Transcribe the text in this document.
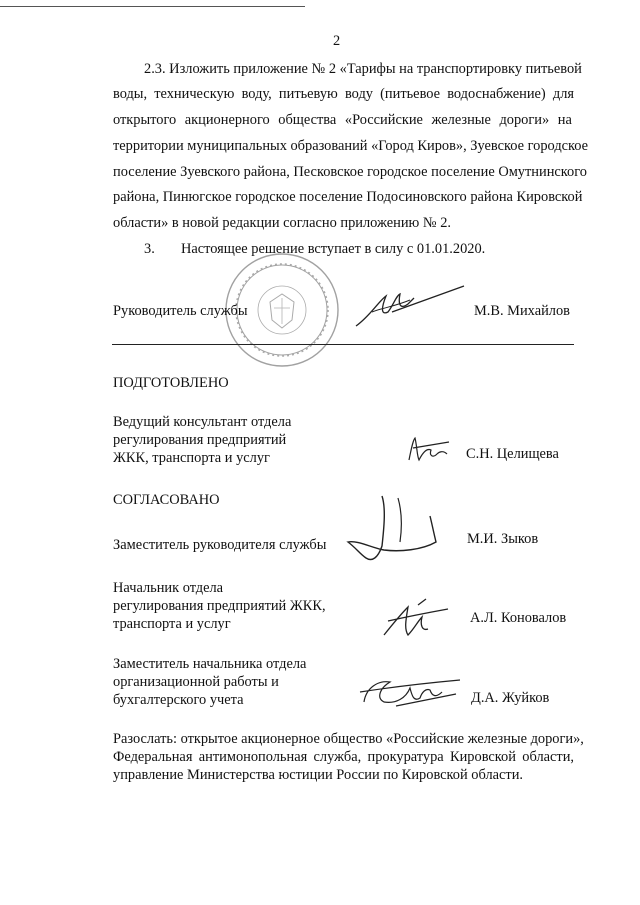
2
2.3. Изложить приложение № 2 «Тарифы на транспортировку питьевой
воды, техническую воду, питьевую воду (питьевое водоснабжение) для
открытого акционерного общества «Российские железные дороги» на
территории муниципальных образований «Город Киров», Зуевское городское
поселение Зуевского района, Песковское городское поселение Омутнинского
района, Пинюгское городское поселение Подосиновского района Кировской
области» в новой редакции согласно приложению № 2.
3. Настоящее решение вступает в силу с 01.01.2020.
Руководитель службы	М.В. Михайлов
ПОДГОТОВЛЕНО
Ведущий консультант отдела
регулирования предприятий
ЖКК, транспорта и услуг	С.Н. Целищева
СОГЛАСОВАНО
Заместитель руководителя службы	М.И. Зыков
Начальник отдела
регулирования предприятий ЖКК,
транспорта и услуг	А.Л. Коновалов
Заместитель начальника отдела
организационной работы и
бухгалтерского учета	Д.А. Жуйков
Разослать: открытое акционерное общество «Российские железные дороги»,
Федеральная антимонопольная служба, прокуратура Кировской области,
управление Министерства юстиции России по Кировской области.
